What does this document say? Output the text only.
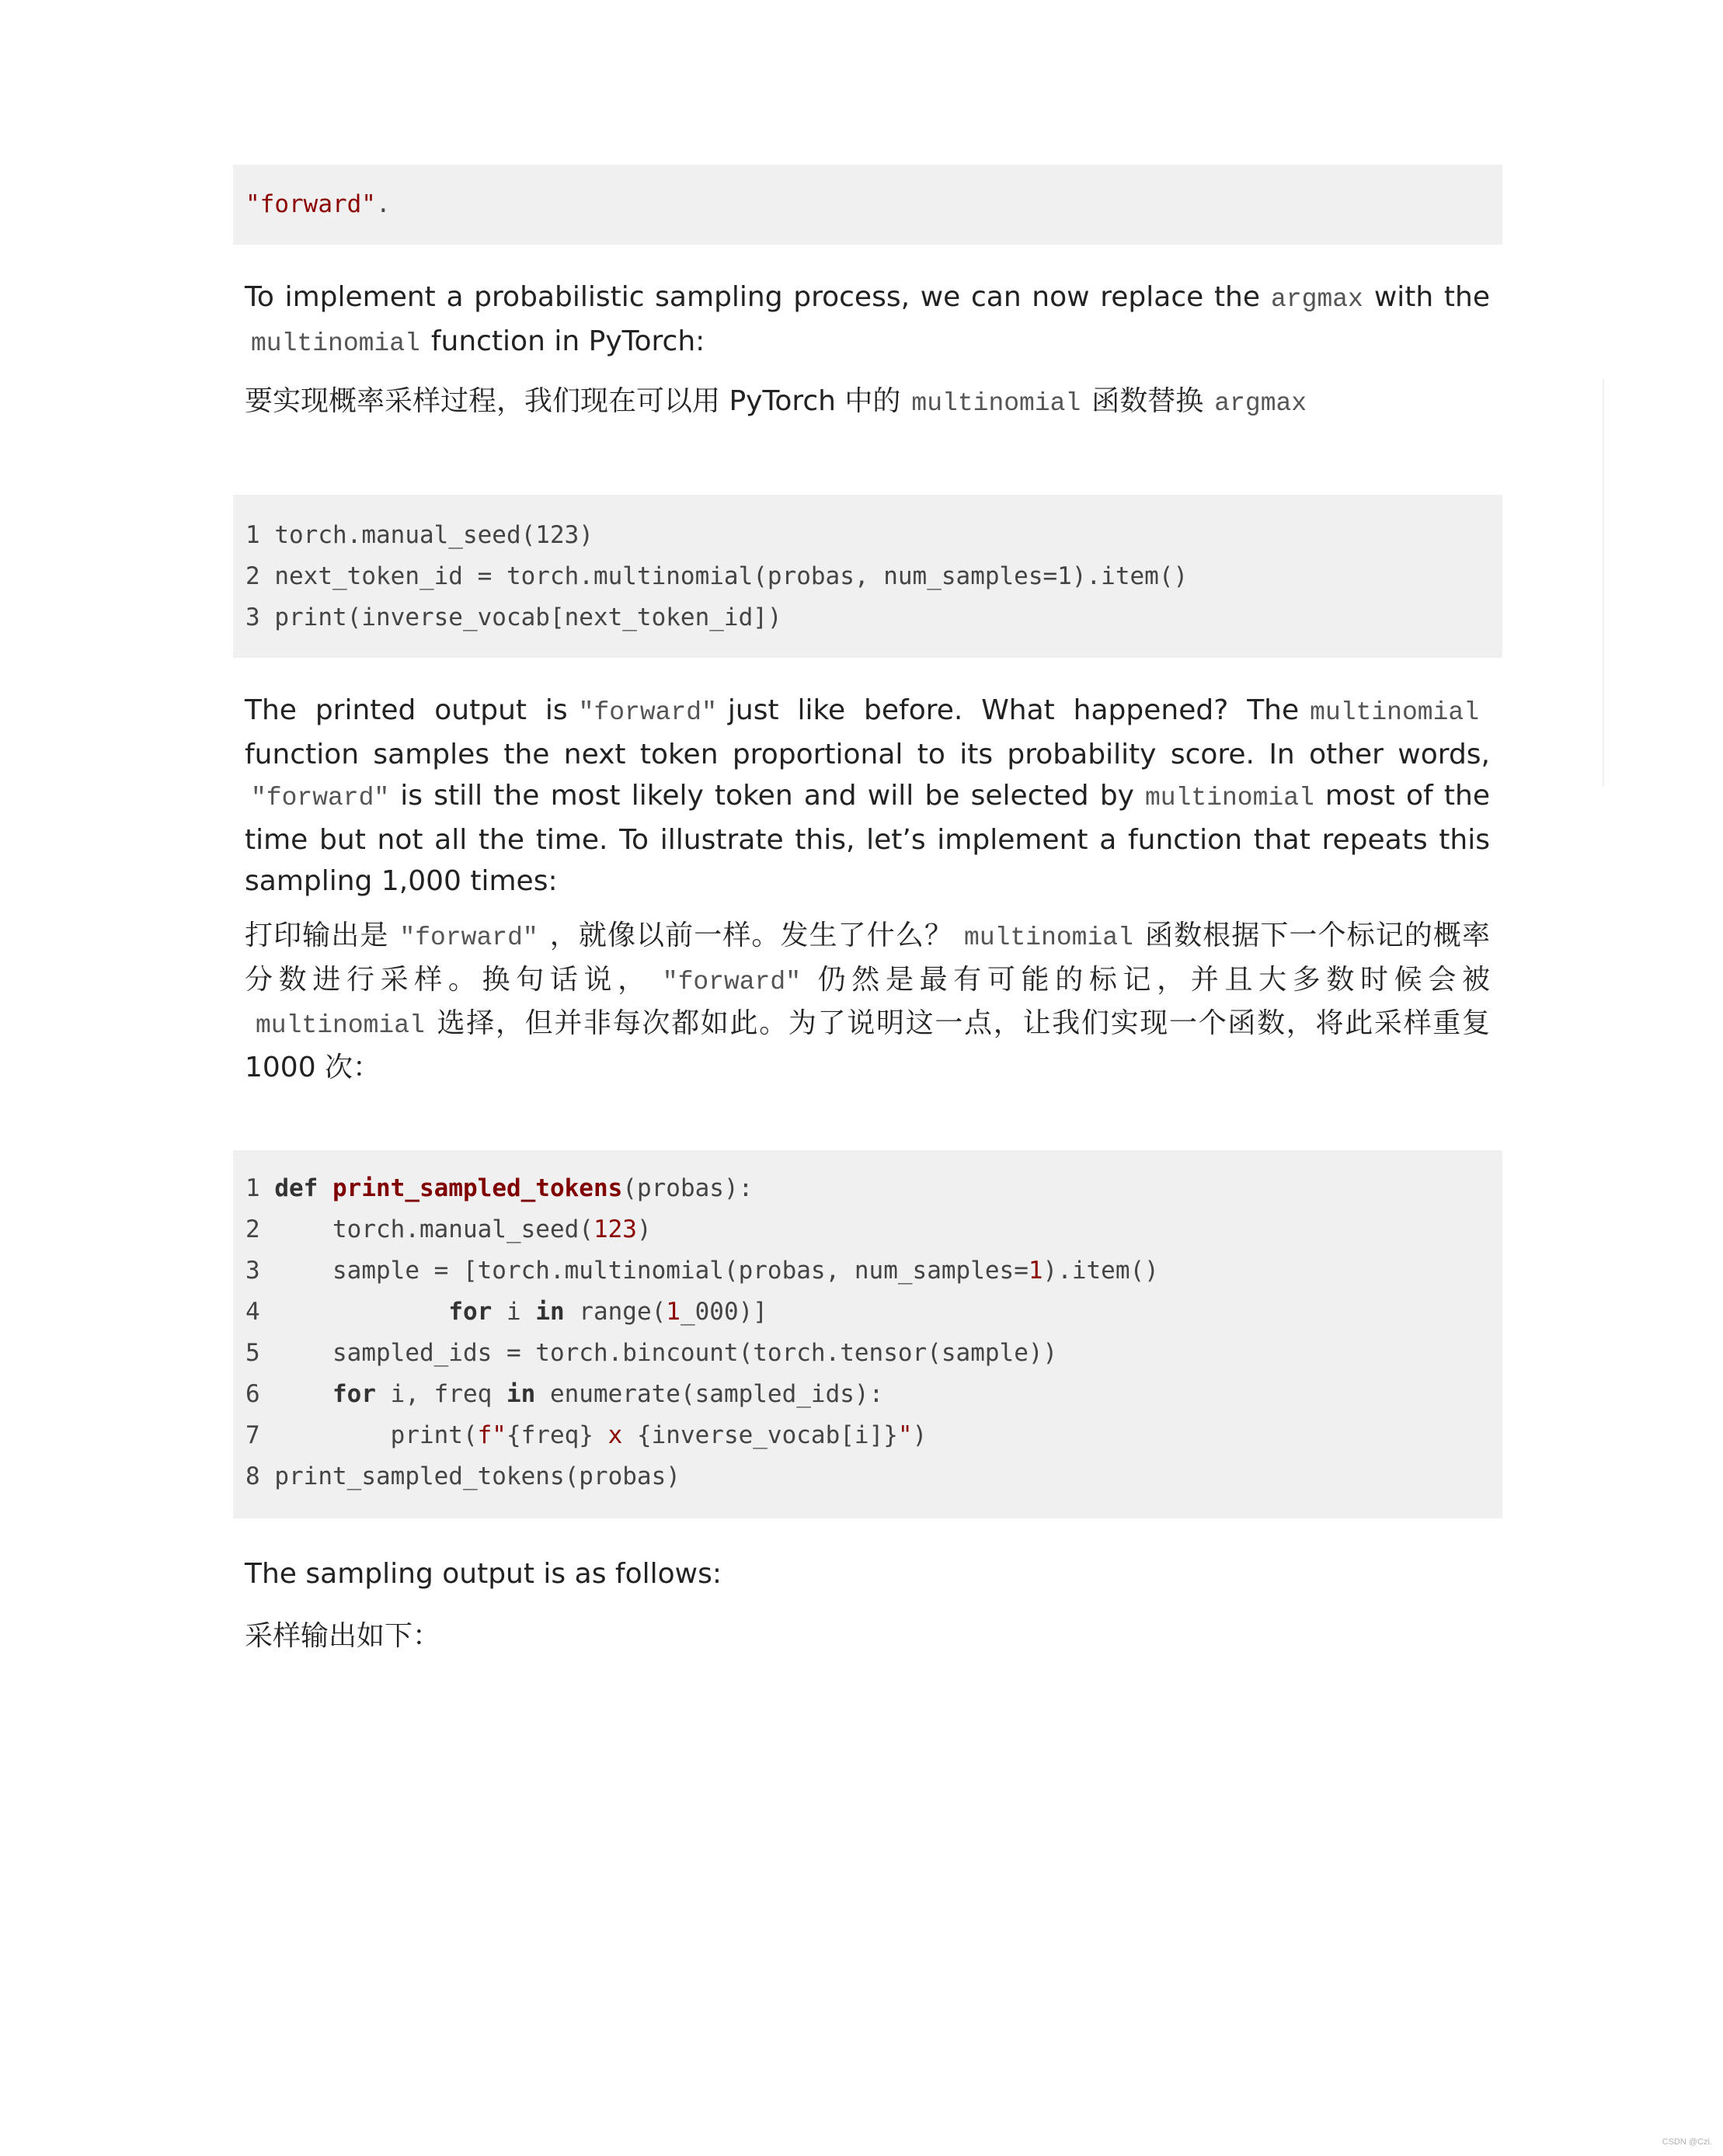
"forward".

To implement a probabilistic sampling process, we can now replace the argmax with the multinomial function in PyTorch:

要实现概率采样过程，我们现在可以用 PyTorch 中的 multinomial 函数替换 argmax

1 torch.manual_seed(123)
2 next_token_id = torch.multinomial(probas, num_samples=1).item()
3 print(inverse_vocab[next_token_id])

The printed output is "forward" just like before. What happened? The multinomial function samples the next token proportional to its probability score. In other words, "forward" is still the most likely token and will be selected by multinomial most of the time but not all the time. To illustrate this, let’s implement a function that repeats this sampling 1,000 times:

打印输出是 "forward" ，就像以前一样。发生了什么？ multinomial 函数根据下一个标记的概率分数进行采样。换句话说， "forward" 仍然是最有可能的标记，并且大多数时候会被multinomial 选择，但并非每次都如此。为了说明这一点，让我们实现一个函数，将此采样重复 1000 次：

1 def print_sampled_tokens(probas):
2	torch.manual_seed(123)
3	sample = [torch.multinomial(probas, num_samples=1).item()
4	for i in range(1_000)]
5	sampled_ids = torch.bincount(torch.tensor(sample))
6	for i, freq in enumerate(sampled_ids):
7	print(f"{freq} x {inverse_vocab[i]}")
8 print_sampled_tokens(probas)

The sampling output is as follows:

采样输出如下：

CSDN @Czi.
